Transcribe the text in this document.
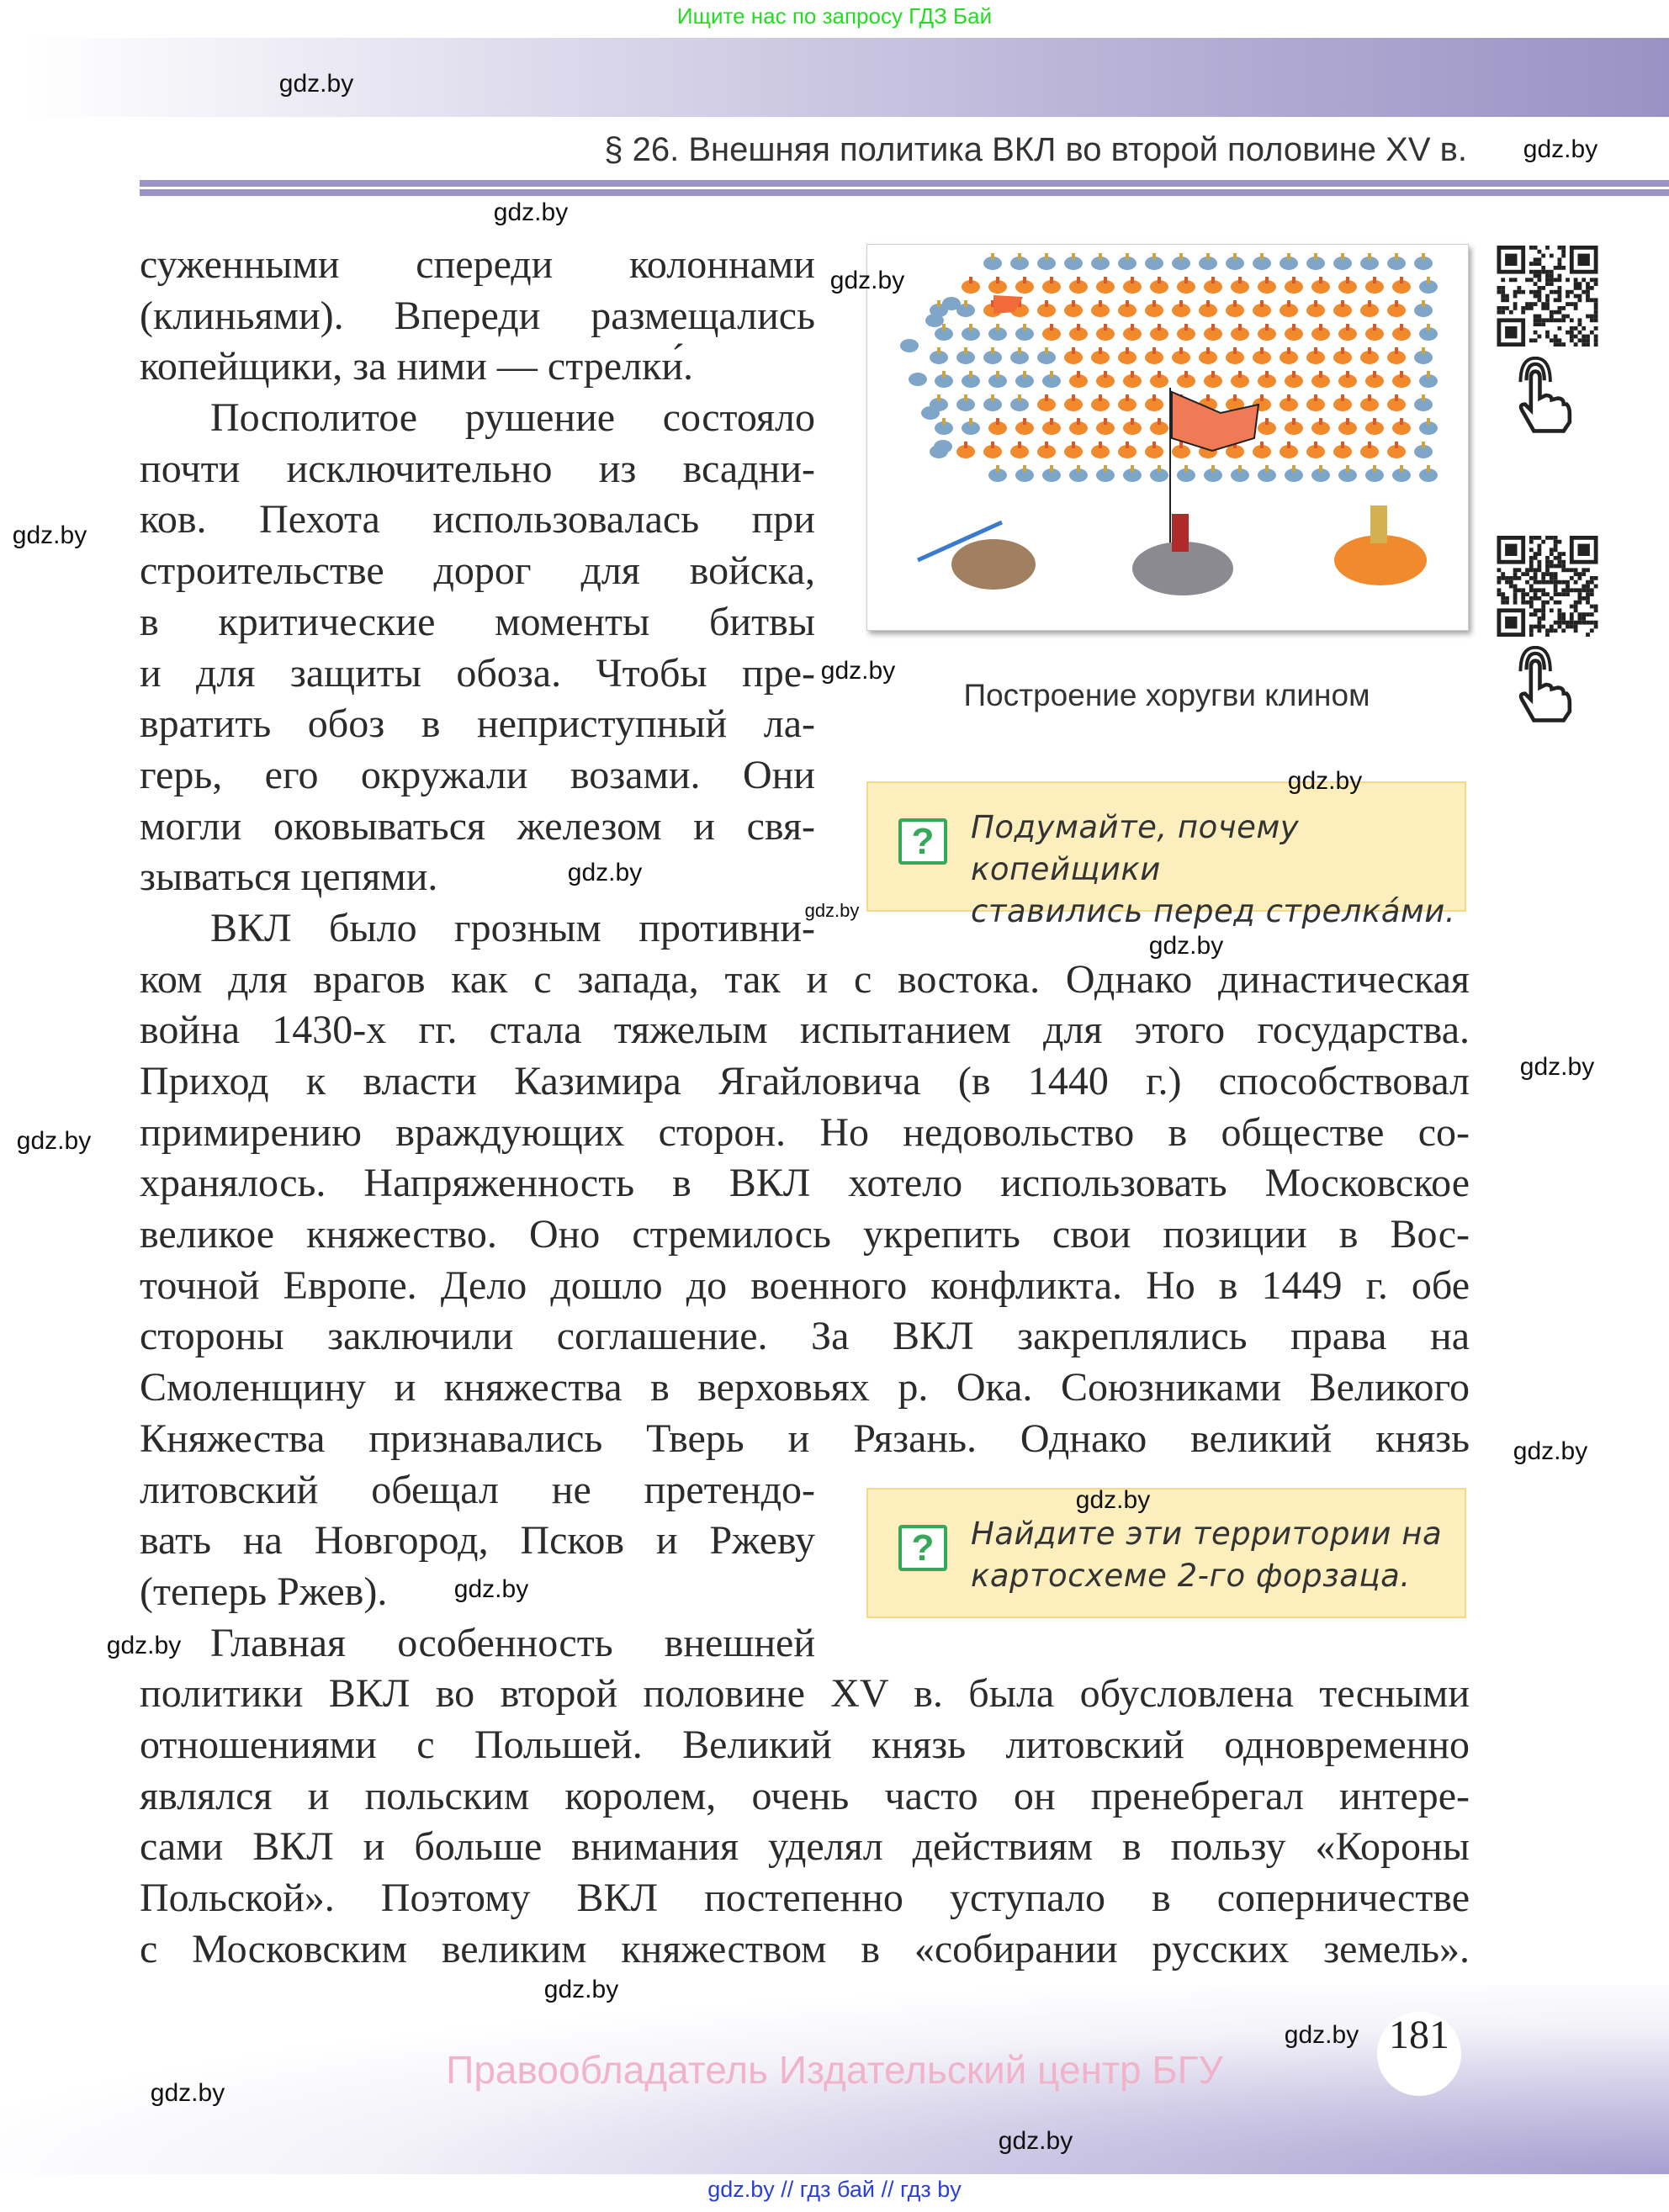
Ищите нас по запросу ГДЗ Бай
§ 26. Внешняя политика ВКЛ во второй половине XV в.
суженными спереди колоннами
(клиньями). Впереди размещались
копейщики, за ними — стрелки́.
Посполитое рушение состояло
почти исключительно из всадни-
ков. Пехота использовалась при
строительстве дорог для войска,
в критические моменты битвы
и для защиты обоза. Чтобы пре-
вратить обоз в неприступный ла-
герь, его окружали возами. Они
могли оковываться железом и свя-
зываться цепями.
ВКЛ было грозным противни-
ком для врагов как с запада, так и с востока. Однако династическая
война 1430-х гг. стала тяжелым испытанием для этого государства.
Приход к власти Казимира Ягайловича (в 1440 г.) способствовал
примирению враждующих сторон. Но недовольство в обществе со-
хранялось. Напряженность в ВКЛ хотело использовать Московское
великое княжество. Оно стремилось укрепить свои позиции в Вос-
точной Европе. Дело дошло до военного конфликта. Но в 1449 г. обе
стороны заключили соглашение. За ВКЛ закреплялись права на
Смоленщину и княжества в верховьях р. Ока. Союзниками Великого
Княжества признавались Тверь и Рязань. Однако великий князь
литовский обещал не претендо-
вать на Новгород, Псков и Ржеву
(теперь Ржев).
Главная особенность внешней
политики ВКЛ во второй половине XV в. была обусловлена тесными
отношениями с Польшей. Великий князь литовский одновременно
являлся и польским королем, очень часто он пренебрегал интере-
сами ВКЛ и больше внимания уделял действиям в пользу «Короны
Польской». Поэтому ВКЛ постепенно уступало в соперничестве
с Московским великим княжеством в «собирании русских земель».
Построение хоругви клином
?	Подумайте, почему копейщики
ставились перед стрелка́ми.
?	Найдите эти территории на
картосхеме 2-го форзаца.
Правообладатель Издательский центр БГУ
181
gdz.by // гдз бай // гдз by
gdz.by
gdz.by
gdz.by
gdz.by
gdz.by
gdz.by
gdz.by
gdz.by
gdz.by
gdz.by
gdz.by
gdz.by
gdz.by
gdz.by
gdz.by
gdz.by
gdz.by
gdz.by
gdz.by
gdz.by
